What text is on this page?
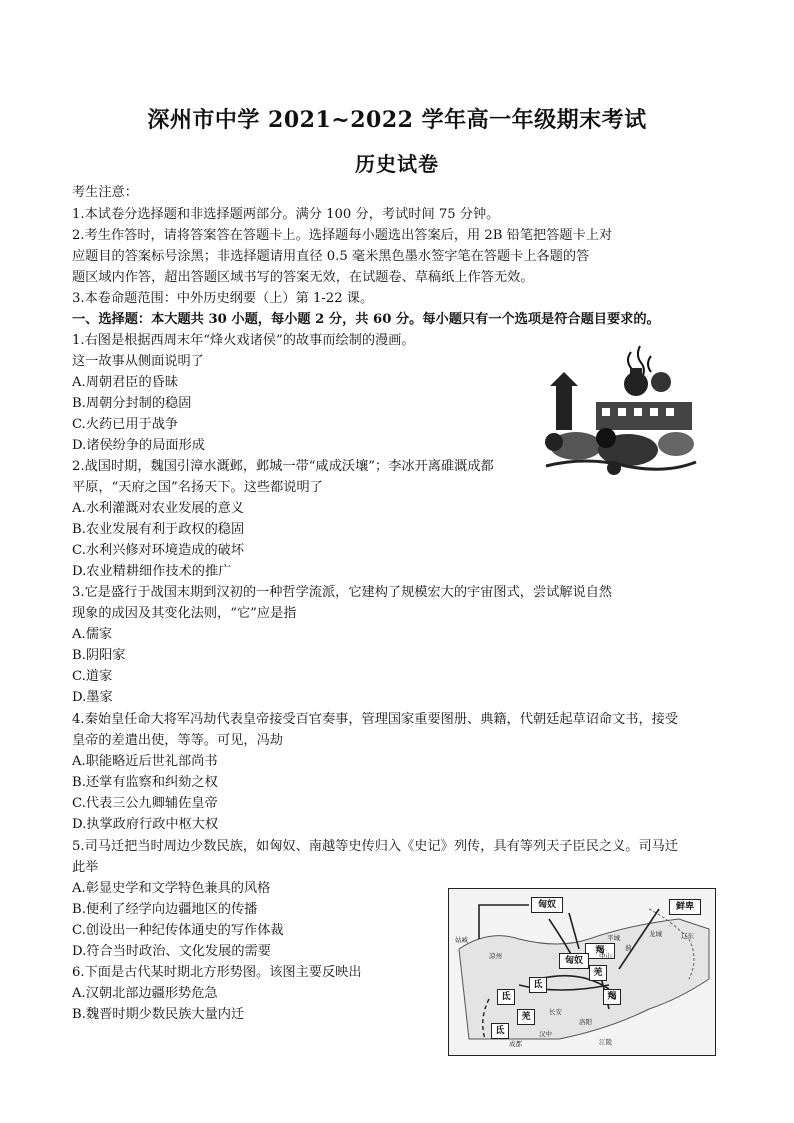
深州市中学 2021~2022 学年高一年级期末考试
历史试卷
考生注意：
1.本试卷分选择题和非选择题两部分。满分 100 分，考试时间 75 分钟。
2.考生作答时，请将答案答在答题卡上。选择题每小题选出答案后，用 2B 铅笔把答题卡上对
应题目的答案标号涂黑；非选择题请用直径 0.5 毫米黑色墨水签字笔在答题卡上各题的答
题区域内作答，超出答题区域书写的答案无效，在试题卷、草稿纸上作答无效。
3.本卷命题范围：中外历史纲要（上）第 1-22 课。
一、选择题：本大题共 30 小题，每小题 2 分，共 60 分。每小题只有一个选项是符合题目要求的。
1.右图是根据西周末年“烽火戏诸侯”的故事而绘制的漫画。
这一故事从侧面说明了
A.周朝君臣的昏昧
B.周朝分封制的稳固
C.火药已用于战争
D.诸侯纷争的局面形成
2.战国时期，魏国引漳水溉邺，邺城一带“咸成沃壤”；李冰开离碓溉成都
平原，“天府之国”名扬天下。这些都说明了
A.水利灌溉对农业发展的意义
B.农业发展有利于政权的稳固
C.水利兴修对环境造成的破坏
D.农业精耕细作技术的推广
3.它是盛行于战国末期到汉初的一种哲学流派，它建构了规模宏大的宇宙图式，尝试解说自然
现象的成因及其变化法则，“它”应是指
A.儒家
B.阴阳家
C.道家
D.墨家
4.秦始皇任命大将军冯劫代表皇帝接受百官奏事，管理国家重要图册、典籍，代朝廷起草诏命文书，接受
皇帝的差遣出使，等等。可见，冯劫
A.职能略近后世礼部尚书
B.还掌有监察和纠劾之权
C.代表三公九卿辅佐皇帝
D.执掌政府行政中枢大权
5.司马迁把当时周边少数民族，如匈奴、南越等史传归入《史记》列传，具有等列天子臣民之义。司马迁
此举
A.彰显史学和文学特色兼具的风格
B.便利了经学向边疆地区的传播
C.创设出一种纪传体通史的写作体裁
D.符合当时政治、文化发展的需要
6.下面是古代某时期北方形势图。该图主要反映出
A.汉朝北部边疆形势危急
B.魏晋时期少数民族大量内迁
匈奴	鲜卑
羯
匈奴
羌
氐
氐
氐
羌
羯
姑臧
凉州
长安
洛阳
平城
中山
蓟
龙城	辽东
成都
汉中
江陵
